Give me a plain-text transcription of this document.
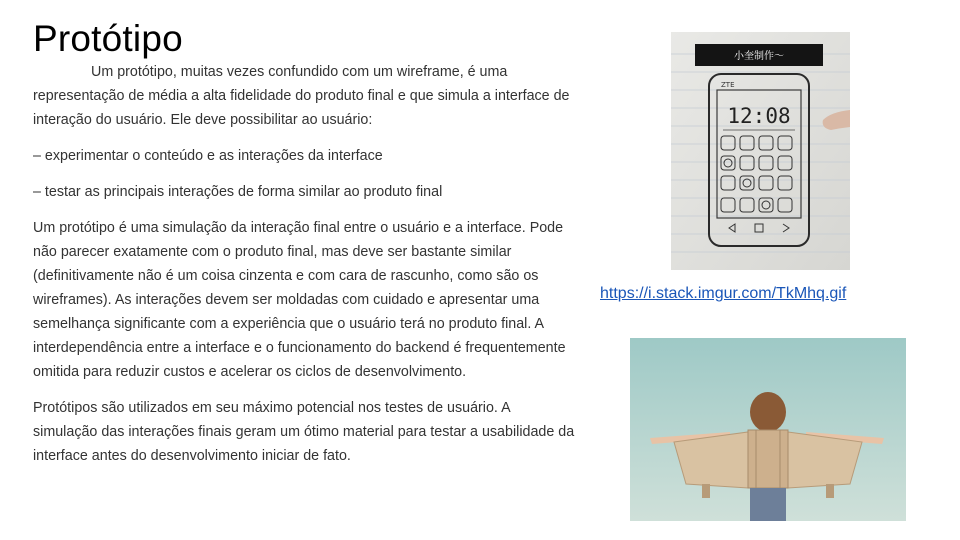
Protótipo

Um protótipo, muitas vezes confundido com um wireframe, é uma representação de média a alta fidelidade do produto final e que simula a interface de interação do usuário. Ele deve possibilitar ao usuário:

– experimentar o conteúdo e as interações da interface

– testar as principais interações de forma similar ao produto final

Um protótipo é uma simulação da interação final entre o usuário e a interface. Pode não parecer exatamente com o produto final, mas deve ser bastante similar (definitivamente não é um coisa cinzenta e com cara de rascunho, como são os wireframes). As interações devem ser moldadas com cuidado e apresentar uma semelhança significante com a experiência que o usuário terá no produto final. A interdependência entre a interface e o funcionamento do backend é frequentemente omitida para reduzir custos e acelerar os ciclos de desenvolvimento.

Protótipos são utilizados em seu máximo potencial nos testes de usuário. A simulação das interações finais geram um ótimo material para testar a usabilidade da interface antes do desenvolvimento iniciar de fato.

小奎制作～
ZTE
12:08
https://i.stack.imgur.com/TkMhq.gif
